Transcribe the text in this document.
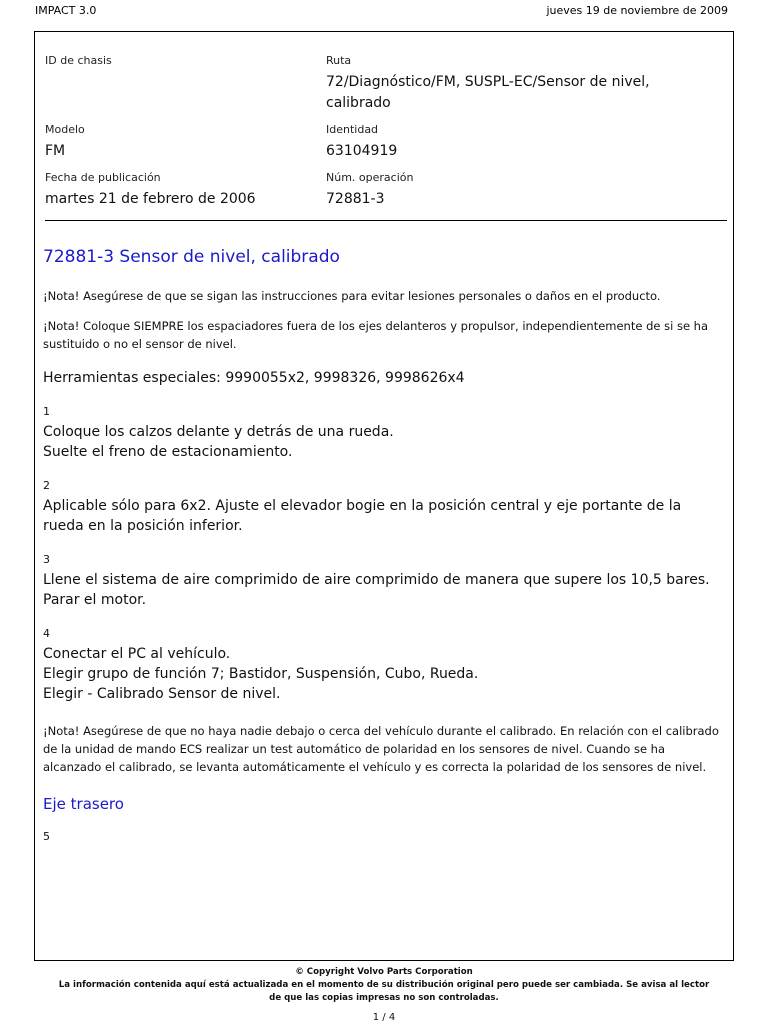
IMPACT 3.0	jueves 19 de noviembre de 2009
ID de chasis	Ruta
72/Diagnóstico/FM, SUSPL-EC/Sensor de nivel, calibrado
Modelo
FM
Identidad
63104919
Fecha de publicación
martes 21 de febrero de 2006
Núm. operación
72881-3
72881-3 Sensor de nivel, calibrado

¡Nota! Asegúrese de que se sigan las instrucciones para evitar lesiones personales o daños en el producto.

¡Nota! Coloque SIEMPRE los espaciadores fuera de los ejes delanteros y propulsor, independientemente de si se ha sustituido o no el sensor de nivel.

Herramientas especiales: 9990055x2, 9998326, 9998626x4

1

Coloque los calzos delante y detrás de una rueda.

Suelte el freno de estacionamiento.

2

Aplicable sólo para 6x2. Ajuste el elevador bogie en la posición central y eje portante de la rueda en la posición inferior.

3

Llene el sistema de aire comprimido de aire comprimido de manera que supere los 10,5 bares.

Parar el motor.

4

Conectar el PC al vehículo.

Elegir grupo de función 7; Bastidor, Suspensión, Cubo, Rueda.

Elegir - Calibrado Sensor de nivel.

¡Nota! Asegúrese de que no haya nadie debajo o cerca del vehículo durante el calibrado. En relación con el calibrado de la unidad de mando ECS realizar un test automático de polaridad en los sensores de nivel. Cuando se ha alcanzado el calibrado, se levanta automáticamente el vehículo y es correcta la polaridad de los sensores de nivel.

Eje trasero

5

© Copyright Volvo Parts Corporation
La información contenida aquí está actualizada en el momento de su distribución original pero puede ser cambiada. Se avisa al lector de que las copias impresas no son controladas.
1 / 4
